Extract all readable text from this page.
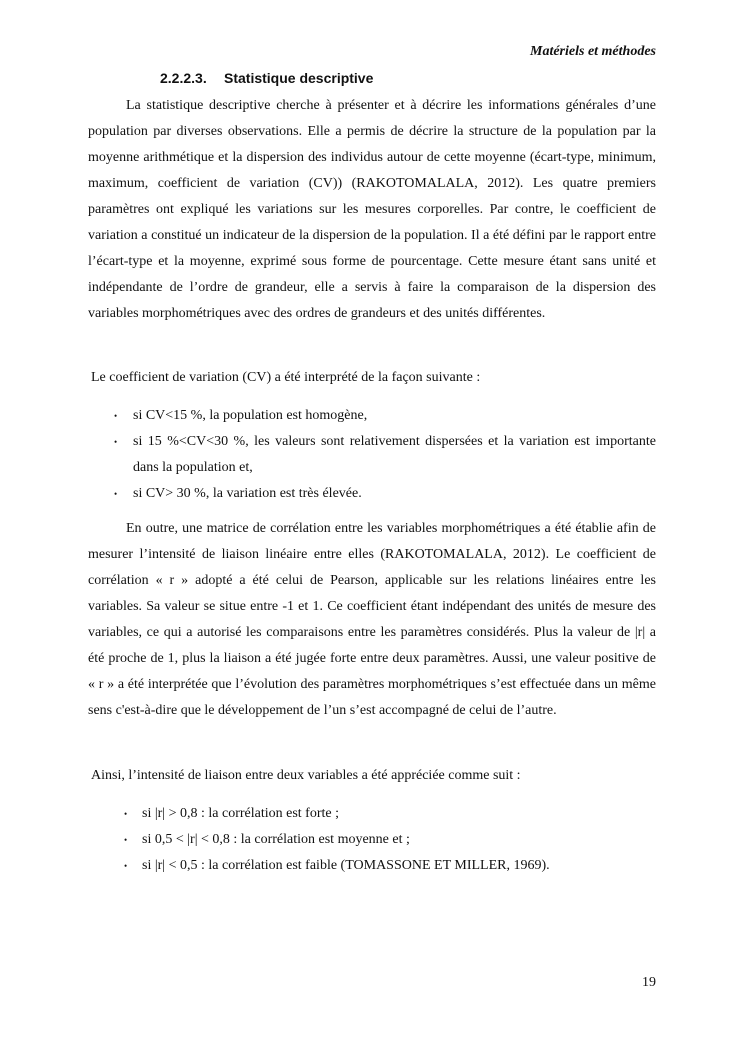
Matériels et méthodes
2.2.2.3. Statistique descriptive

La statistique descriptive cherche à présenter et à décrire les informations générales d’une population par diverses observations. Elle a permis de décrire la structure de la population par la moyenne arithmétique et la dispersion des individus autour de cette moyenne (écart-type, minimum, maximum, coefficient de variation (CV)) (RAKOTOMALALA, 2012). Les quatre premiers paramètres ont expliqué les variations sur les mesures corporelles. Par contre, le coefficient de variation a constitué un indicateur de la dispersion de la population. Il a été défini par le rapport entre l’écart-type et la moyenne, exprimé sous forme de pourcentage. Cette mesure étant sans unité et indépendante de l’ordre de grandeur, elle a servis à faire la comparaison de la dispersion des variables morphométriques avec des ordres de grandeurs et des unités différentes.

Le coefficient de variation (CV) a été interprété de la façon suivante :

• si CV<15 %, la population est homogène,
• si 15 %<CV<30 %, les valeurs sont relativement dispersées et la variation est importante dans la population et,
• si CV> 30 %, la variation est très élevée.

En outre, une matrice de corrélation entre les variables morphométriques a été établie afin de mesurer l’intensité de liaison linéaire entre elles (RAKOTOMALALA, 2012). Le coefficient de corrélation « r » adopté a été celui de Pearson, applicable sur les relations linéaires entre les variables. Sa valeur se situe entre -1 et 1. Ce coefficient étant indépendant des unités de mesure des variables, ce qui a autorisé les comparaisons entre les paramètres considérés. Plus la valeur de |r| a été proche de 1, plus la liaison a été jugée forte entre deux paramètres. Aussi, une valeur positive de « r » a été interprétée que l’évolution des paramètres morphométriques s’est effectuée dans un même sens c'est-à-dire que le développement de l’un s’est accompagné de celui de l’autre.

Ainsi, l’intensité de liaison entre deux variables a été appréciée comme suit :

• si |r| > 0,8 : la corrélation est forte ;
• si 0,5 < |r| < 0,8 : la corrélation est moyenne et ;
• si |r| < 0,5 : la corrélation est faible (TOMASSONE ET MILLER, 1969).
19
